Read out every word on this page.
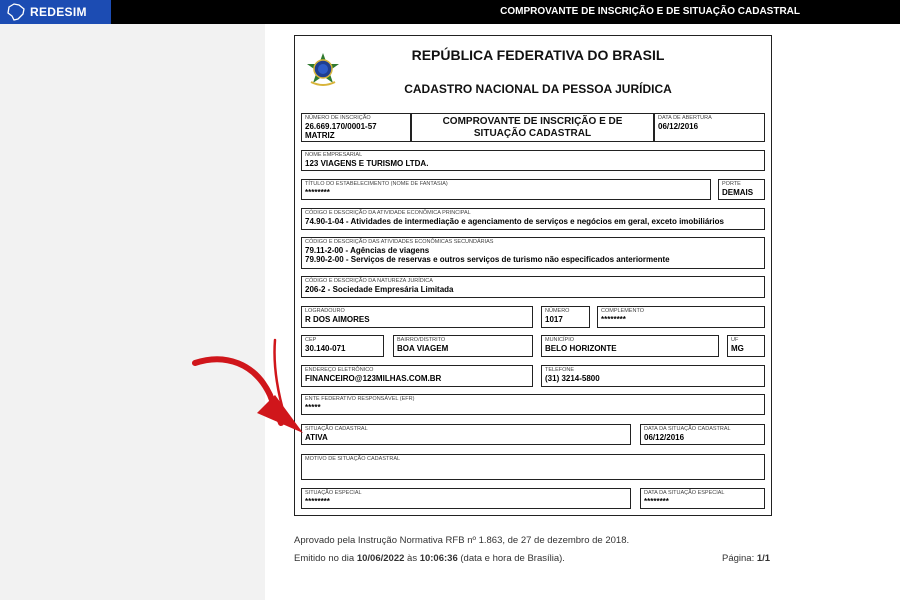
REDESIM	COMPROVANTE DE INSCRIÇÃO E DE SITUAÇÃO CADASTRAL
REPÚBLICA FEDERATIVA DO BRASIL
CADASTRO NACIONAL DA PESSOA JURÍDICA
NÚMERO DE INSCRIÇÃO
26.669.170/0001-57
MATRIZ
COMPROVANTE DE INSCRIÇÃO E DE SITUAÇÃO CADASTRAL
DATA DE ABERTURA
06/12/2016
NOME EMPRESARIAL
123 VIAGENS E TURISMO LTDA.
TÍTULO DO ESTABELECIMENTO (NOME DE FANTASIA)
********
PORTE
DEMAIS
CÓDIGO E DESCRIÇÃO DA ATIVIDADE ECONÔMICA PRINCIPAL
74.90-1-04 - Atividades de intermediação e agenciamento de serviços e negócios em geral, exceto imobiliários
CÓDIGO E DESCRIÇÃO DAS ATIVIDADES ECONÔMICAS SECUNDÁRIAS
79.11-2-00 - Agências de viagens
79.90-2-00 - Serviços de reservas e outros serviços de turismo não especificados anteriormente
CÓDIGO E DESCRIÇÃO DA NATUREZA JURÍDICA
206-2 - Sociedade Empresária Limitada
LOGRADOURO
R DOS AIMORES
NÚMERO
1017
COMPLEMENTO
********
CEP
30.140-071
BAIRRO/DISTRITO
BOA VIAGEM
MUNICÍPIO
BELO HORIZONTE
UF
MG
ENDEREÇO ELETRÔNICO
FINANCEIRO@123MILHAS.COM.BR
TELEFONE
(31) 3214-5800
ENTE FEDERATIVO RESPONSÁVEL (EFR)
*****
SITUAÇÃO CADASTRAL
ATIVA
DATA DA SITUAÇÃO CADASTRAL
06/12/2016
MOTIVO DE SITUAÇÃO CADASTRAL
SITUAÇÃO ESPECIAL
********
DATA DA SITUAÇÃO ESPECIAL
********
Aprovado pela Instrução Normativa RFB nº 1.863, de 27 de dezembro de 2018.
Emitido no dia 10/06/2022 às 10:06:36 (data e hora de Brasília).	Página: 1/1
